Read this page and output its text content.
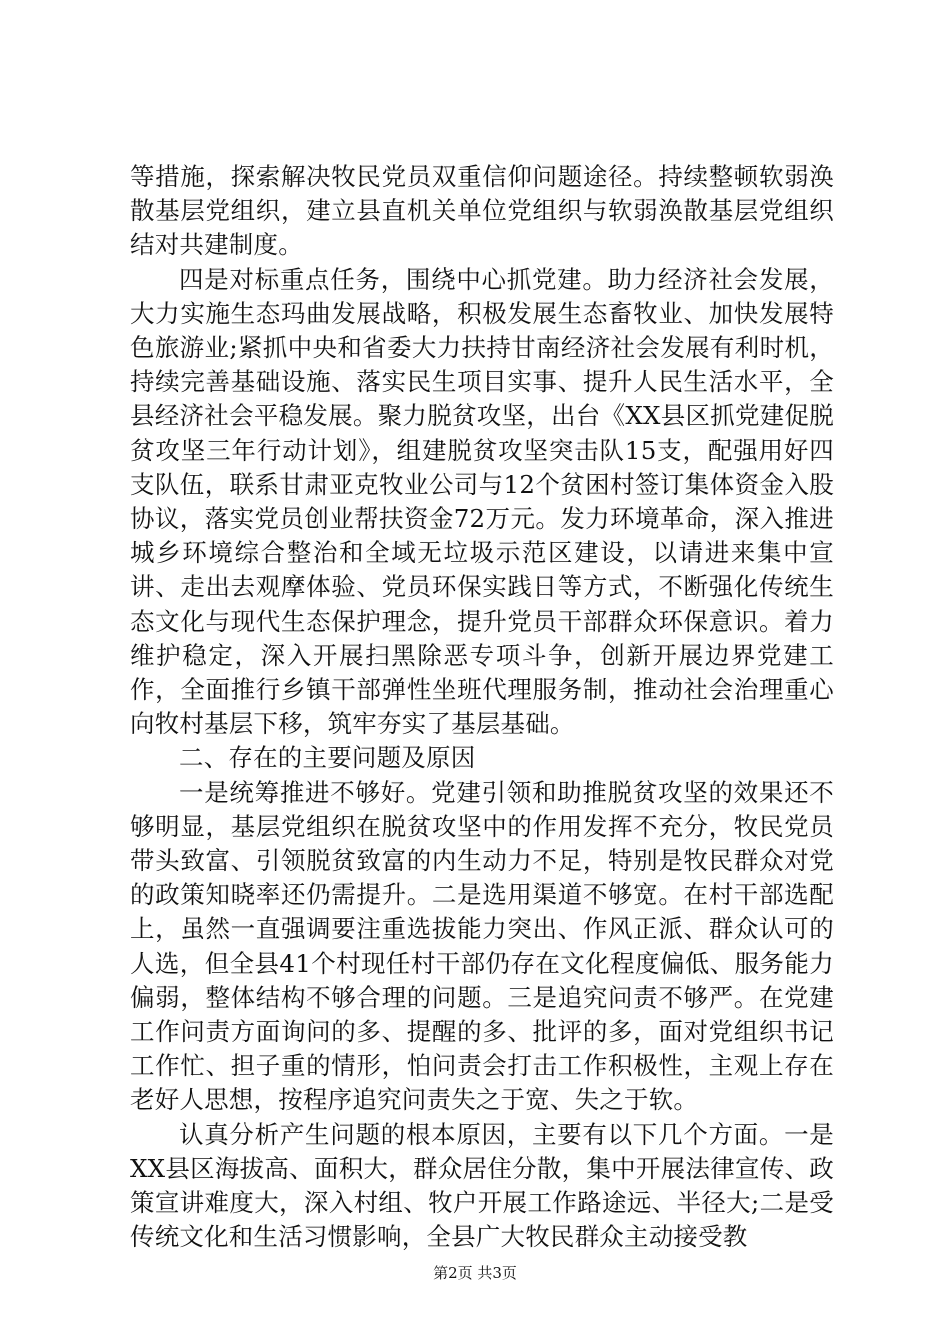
等措施，探索解决牧民党员双重信仰问题途径。持续整顿软弱涣散基层党组织，建立县直机关单位党组织与软弱涣散基层党组织结对共建制度。

四是对标重点任务，围绕中心抓党建。助力经济社会发展，大力实施生态玛曲发展战略，积极发展生态畜牧业、加快发展特色旅游业;紧抓中央和省委大力扶持甘南经济社会发展有利时机，持续完善基础设施、落实民生项目实事、提升人民生活水平，全县经济社会平稳发展。聚力脱贫攻坚，出台《XX县区抓党建促脱贫攻坚三年行动计划》，组建脱贫攻坚突击队15支，配强用好四支队伍，联系甘肃亚克牧业公司与12个贫困村签订集体资金入股协议，落实党员创业帮扶资金72万元。发力环境革命，深入推进城乡环境综合整治和全域无垃圾示范区建设，以请进来集中宣讲、走出去观摩体验、党员环保实践日等方式，不断强化传统生态文化与现代生态保护理念，提升党员干部群众环保意识。着力维护稳定，深入开展扫黑除恶专项斗争，创新开展边界党建工作，全面推行乡镇干部弹性坐班代理服务制，推动社会治理重心向牧村基层下移，筑牢夯实了基层基础。

二、存在的主要问题及原因

一是统筹推进不够好。党建引领和助推脱贫攻坚的效果还不够明显，基层党组织在脱贫攻坚中的作用发挥不充分，牧民党员带头致富、引领脱贫致富的内生动力不足，特别是牧民群众对党的政策知晓率还仍需提升。二是选用渠道不够宽。在村干部选配上，虽然一直强调要注重选拔能力突出、作风正派、群众认可的人选，但全县41个村现任村干部仍存在文化程度偏低、服务能力偏弱，整体结构不够合理的问题。三是追究问责不够严。在党建工作问责方面询问的多、提醒的多、批评的多，面对党组织书记工作忙、担子重的情形，怕问责会打击工作积极性，主观上存在老好人思想，按程序追究问责失之于宽、失之于软。

认真分析产生问题的根本原因，主要有以下几个方面。一是XX县区海拔高、面积大，群众居住分散，集中开展法律宣传、政策宣讲难度大，深入村组、牧户开展工作路途远、半径大;二是受传统文化和生活习惯影响，全县广大牧民群众主动接受教

第2页 共3页
